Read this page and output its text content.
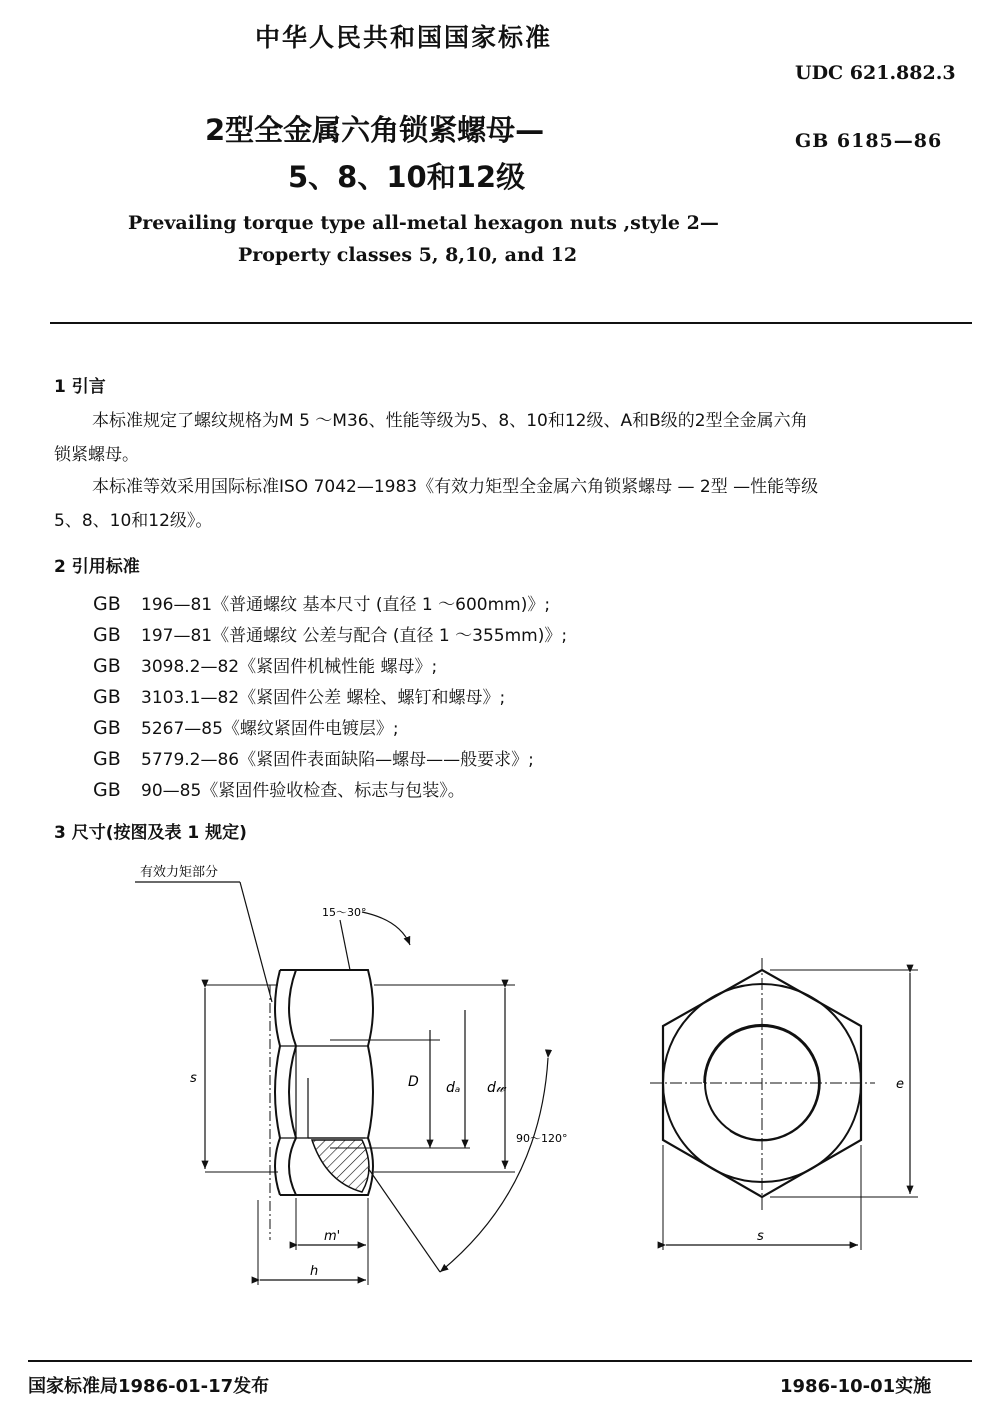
中华人民共和国国家标准
UDC 621.882.3
GB 6185—86
2型全金属六角锁紧螺母—
5、8、10和12级
Prevailing torque type all-metal hexagon nuts ,style 2—
Property classes 5, 8,10, and 12
1 引言
本标准规定了螺纹规格为M 5 ～M36、性能等级为5、8、10和12级、A和B级的2型全金属六角
锁紧螺母。
本标准等效采用国际标准ISO 7042—1983《有效力矩型全金属六角锁紧螺母 — 2型 —性能等级
5、8、10和12级》。
2 引用标准
GB 196—81《普通螺纹 基本尺寸 (直径 1 ～600mm)》;
GB 197—81《普通螺纹 公差与配合 (直径 1 ～355mm)》;
GB 3098.2—82《紧固件机械性能 螺母》;
GB 3103.1—82《紧固件公差 螺栓、螺钉和螺母》;
GB 5267—85《螺纹紧固件电镀层》;
GB 5779.2—86《紧固件表面缺陷—螺母——般要求》;
GB 90—85《紧固件验收检查、标志与包装》。
3 尺寸(按图及表 1 规定)
有效力矩部分
s	D dₐ d𝓌
m'
h
15～30°
90～120°
e
s
国家标准局1986-01-17发布	1986-10-01实施
